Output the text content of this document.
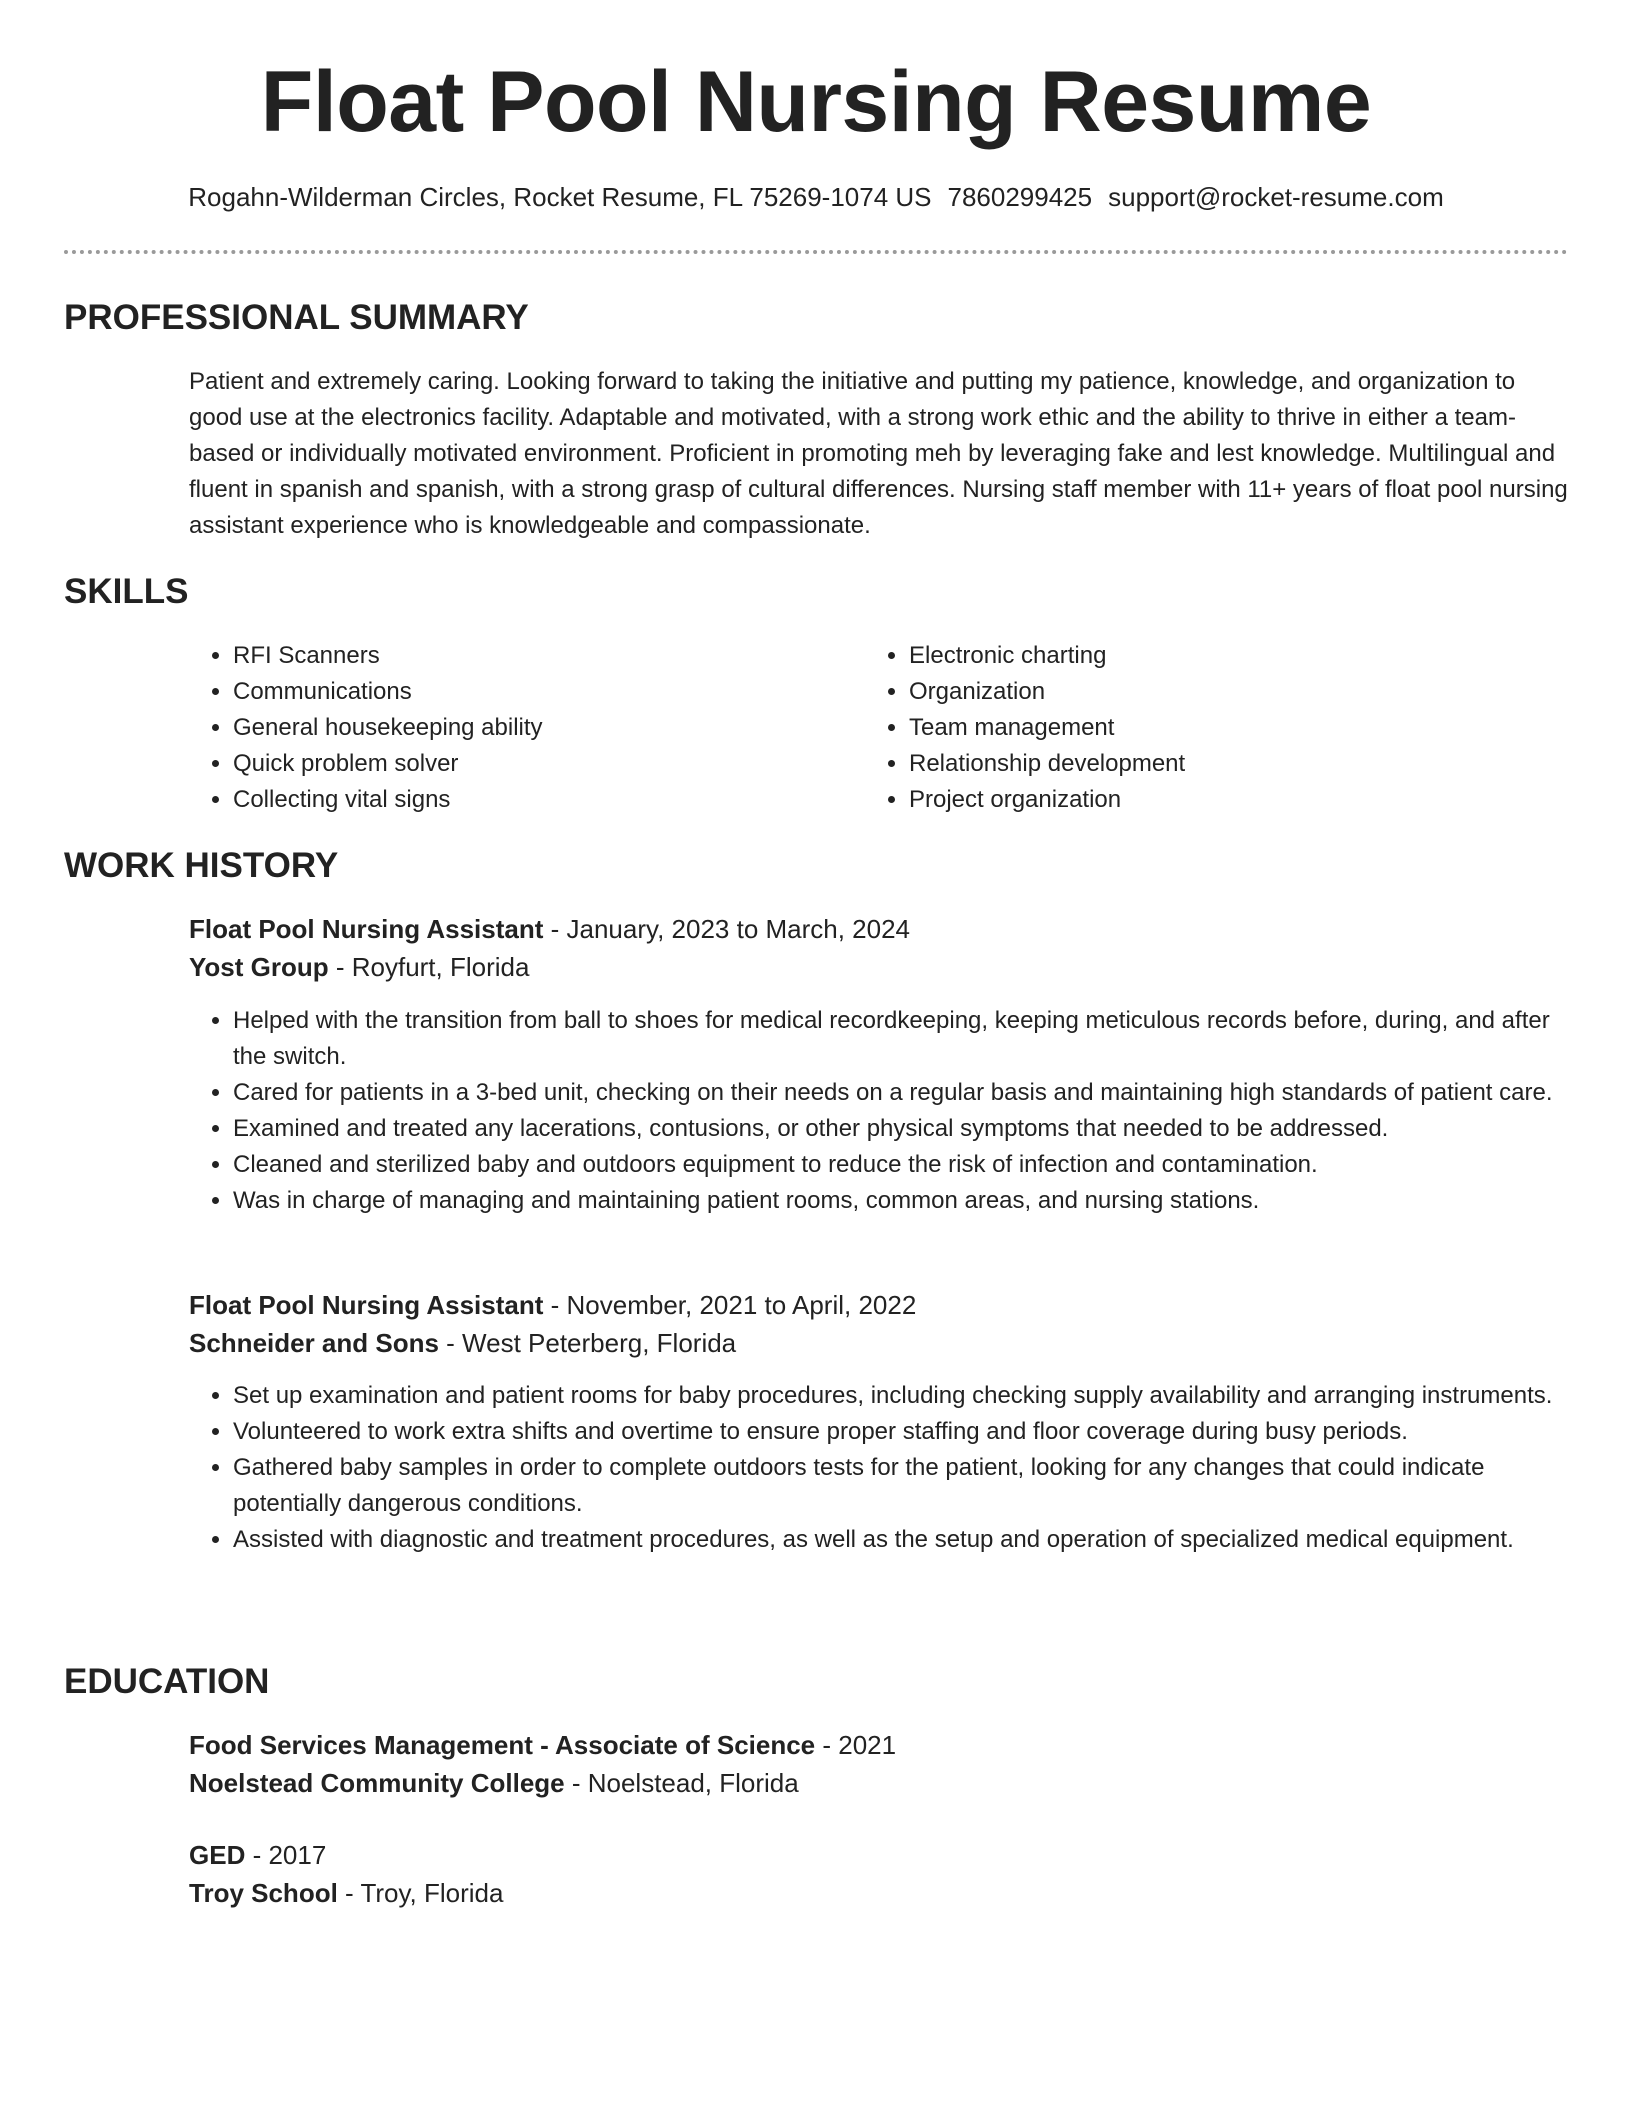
Float Pool Nursing Resume
Rogahn-Wilderman Circles, Rocket Resume, FL 75269-1074 US 7860299425 support@rocket-resume.com
PROFESSIONAL SUMMARY

Patient and extremely caring. Looking forward to taking the initiative and putting my patience, knowledge, and organization to good use at the electronics facility. Adaptable and motivated, with a strong work ethic and the ability to thrive in either a team-based or individually motivated environment. Proficient in promoting meh by leveraging fake and lest knowledge. Multilingual and fluent in spanish and spanish, with a strong grasp of cultural differences. Nursing staff member with 11+ years of float pool nursing assistant experience who is knowledgeable and compassionate.

SKILLS
• RFI Scanners
• Communications
• General housekeeping ability
• Quick problem solver
• Collecting vital signs
• Electronic charting
• Organization
• Team management
• Relationship development
• Project organization
WORK HISTORY

Float Pool Nursing Assistant - January, 2023 to March, 2024

Yost Group - Royfurt, Florida

• Helped with the transition from ball to shoes for medical recordkeeping, keeping meticulous records before, during, and after the switch.
• Cared for patients in a 3-bed unit, checking on their needs on a regular basis and maintaining high standards of patient care.
• Examined and treated any lacerations, contusions, or other physical symptoms that needed to be addressed.
• Cleaned and sterilized baby and outdoors equipment to reduce the risk of infection and contamination.
• Was in charge of managing and maintaining patient rooms, common areas, and nursing stations.

Float Pool Nursing Assistant - November, 2021 to April, 2022

Schneider and Sons - West Peterberg, Florida

• Set up examination and patient rooms for baby procedures, including checking supply availability and arranging instruments.
• Volunteered to work extra shifts and overtime to ensure proper staffing and floor coverage during busy periods.
• Gathered baby samples in order to complete outdoors tests for the patient, looking for any changes that could indicate potentially dangerous conditions.
• Assisted with diagnostic and treatment procedures, as well as the setup and operation of specialized medical equipment.
EDUCATION

Food Services Management - Associate of Science - 2021

Noelstead Community College - Noelstead, Florida

GED - 2017

Troy School - Troy, Florida
